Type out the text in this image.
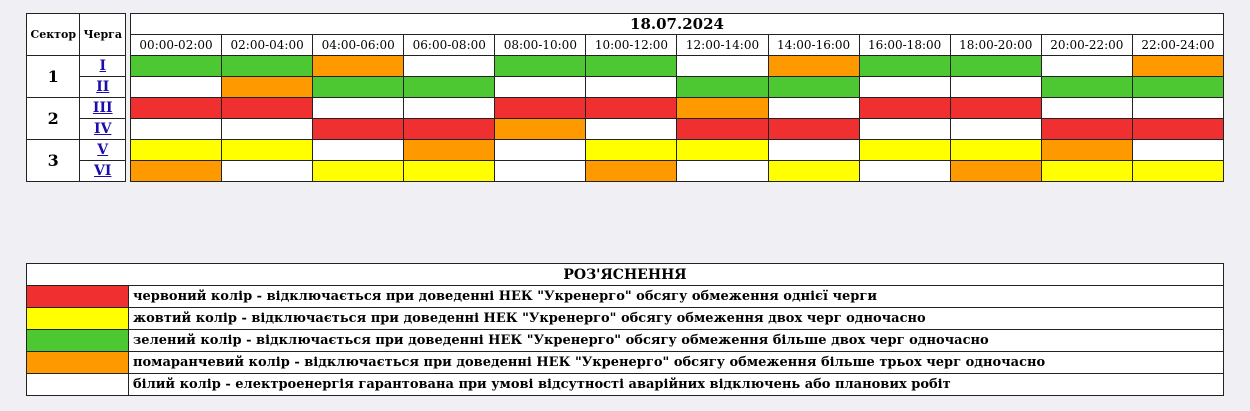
Сектор	Черга
1	I
	II
2	III
	IV
3	V
	VI
18.07.2024											
00:00-02:00	02:00-04:00	04:00-06:00	06:00-08:00	08:00-10:00	10:00-12:00	12:00-14:00	14:00-16:00	16:00-18:00	18:00-20:00	20:00-22:00	22:00-24:00

РОЗ'ЯСНЕННЯ	
	червоний колір - відключається при доведенні НЕК "Укренерго" обсягу обмеження однієї черги
	жовтий колір - відключається при доведенні НЕК "Укренерго" обсягу обмеження двох черг одночасно
	зелений колір - відключається при доведенні НЕК "Укренерго" обсягу обмеження більше двох черг одночасно
	помаранчевий колір - відключається при доведенні НЕК "Укренерго" обсягу обмеження більше трьох черг одночасно
	білий колір - електроенергія гарантована при умові відсутності аварійних відключень або планових робіт
